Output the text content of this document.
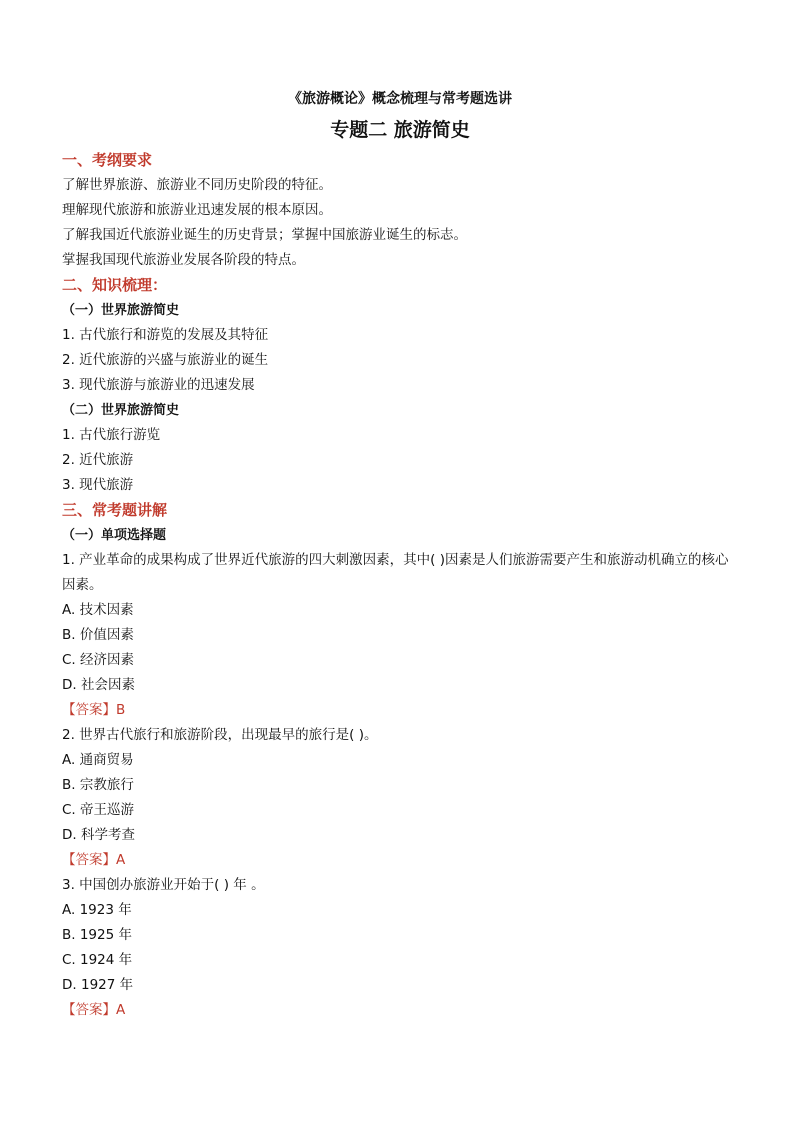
《旅游概论》概念梳理与常考题选讲

专题二 旅游简史

一、考纲要求

了解世界旅游、旅游业不同历史阶段的特征。

理解现代旅游和旅游业迅速发展的根本原因。

了解我国近代旅游业诞生的历史背景；掌握中国旅游业诞生的标志。

掌握我国现代旅游业发展各阶段的特点。

二、知识梳理：

（一）世界旅游简史

1. 古代旅行和游览的发展及其特征

2. 近代旅游的兴盛与旅游业的诞生

3. 现代旅游与旅游业的迅速发展

（二）世界旅游简史

1. 古代旅行游览

2. 近代旅游

3. 现代旅游

三、常考题讲解

（一）单项选择题

1. 产业革命的成果构成了世界近代旅游的四大刺激因素，其中( )因素是人们旅游需要产生和旅游动机确立的核心因素。

A. 技术因素

B. 价值因素

C. 经济因素

D. 社会因素

【答案】B

2. 世界古代旅行和旅游阶段，出现最早的旅行是( )。

A. 通商贸易

B. 宗教旅行

C. 帝王巡游

D. 科学考查

【答案】A

3. 中国创办旅游业开始于( ) 年 。

A. 1923 年

B. 1925 年

C. 1924 年

D. 1927 年

【答案】A
